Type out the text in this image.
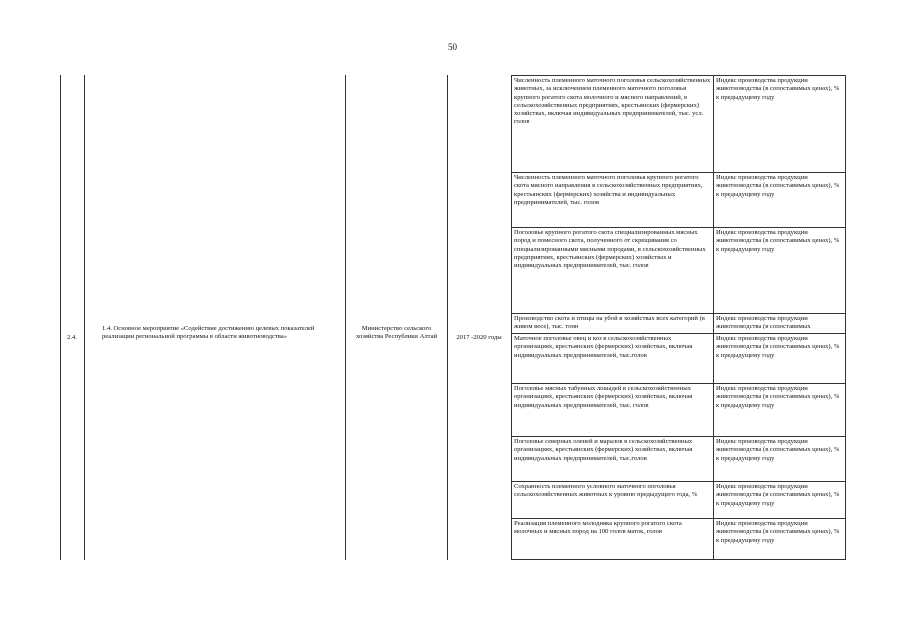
50
2.4.
1.4. Основное мероприятие «Содействие достижению целевых показателей реализации региональной программы в области животноводства»
Министерство сельского хозяйства Республики Алтай	2017 -2020 годы
Численность племенного маточного поголовья сельскохозяйственных животных, за исключением племенного маточного поголовья крупного рогатого скота молочного и мясного направлений, в сельскохозяйственных предприятиях, крестьянских (фермерских) хозяйствах, включая индивидуальных предпринимателей, тыс. усл. голов
Индекс производства продукции животноводства (в сопоставимых ценах), % к предыдущему году
Численность племенного маточного поголовья крупного рогатого скота мясного направления в сельскохозяйственных предприятиях, крестьянских (фермерских) хозяйства и индивидуальных предпринимателей, тыс. голов
Индекс производства продукции животноводства (в сопоставимых ценах), % к предыдущему году
Поголовье крупного рогатого скота специализированных мясных пород и помесного скота, полученного от скрещивания со специализированными мясными породами, в сельскохозяйственных предприятиях, крестьянских (фермерских) хозяйствах и индивидуальных предпринимателей, тыс. голов
Индекс производства продукции животноводства (в сопоставимых ценах), % к предыдущему году
Производство скота и птицы на убой в хозяйствах всех категорий (в живом весе), тыс. тонн
Индекс производства продукции животноводства (в сопоставимых
Маточное поголовье овец и коз в сельскохозяйственных организациях, крестьянских (фермерских) хозяйствах, включая индивидуальных предпринимателей, тыс.голов
Индекс производства продукции животноводства (в сопоставимых ценах), % к предыдущему году
Поголовье мясных табунных лошадей в сельскохозяйственных организациях, крестьянских (фермерских) хозяйствах, включая индивидуальных предпринимателей, тыс. голов
Индекс производства продукции животноводства (в сопоставимых ценах), % к предыдущему году
Поголовье северных оленей и маралов в сельскохозяйственных организациях, крестьянских (фермерских) хозяйствах, включая индивидуальных предпринимателей, тыс.голов
Индекс производства продукции животноводства (в сопоставимых ценах), % к предыдущему году
Сохранность племенного условного маточного поголовья сельскохозяйственных животных к уровню предыдущего года, %
Индекс производства продукции животноводства (в сопоставимых ценах), % к предыдущему году
Реализация племенного молодняка крупного рогатого скота молочных и мясных пород на 100 голов маток, голов
Индекс производства продукции животноводства (в сопоставимых ценах), % к предыдущему году
